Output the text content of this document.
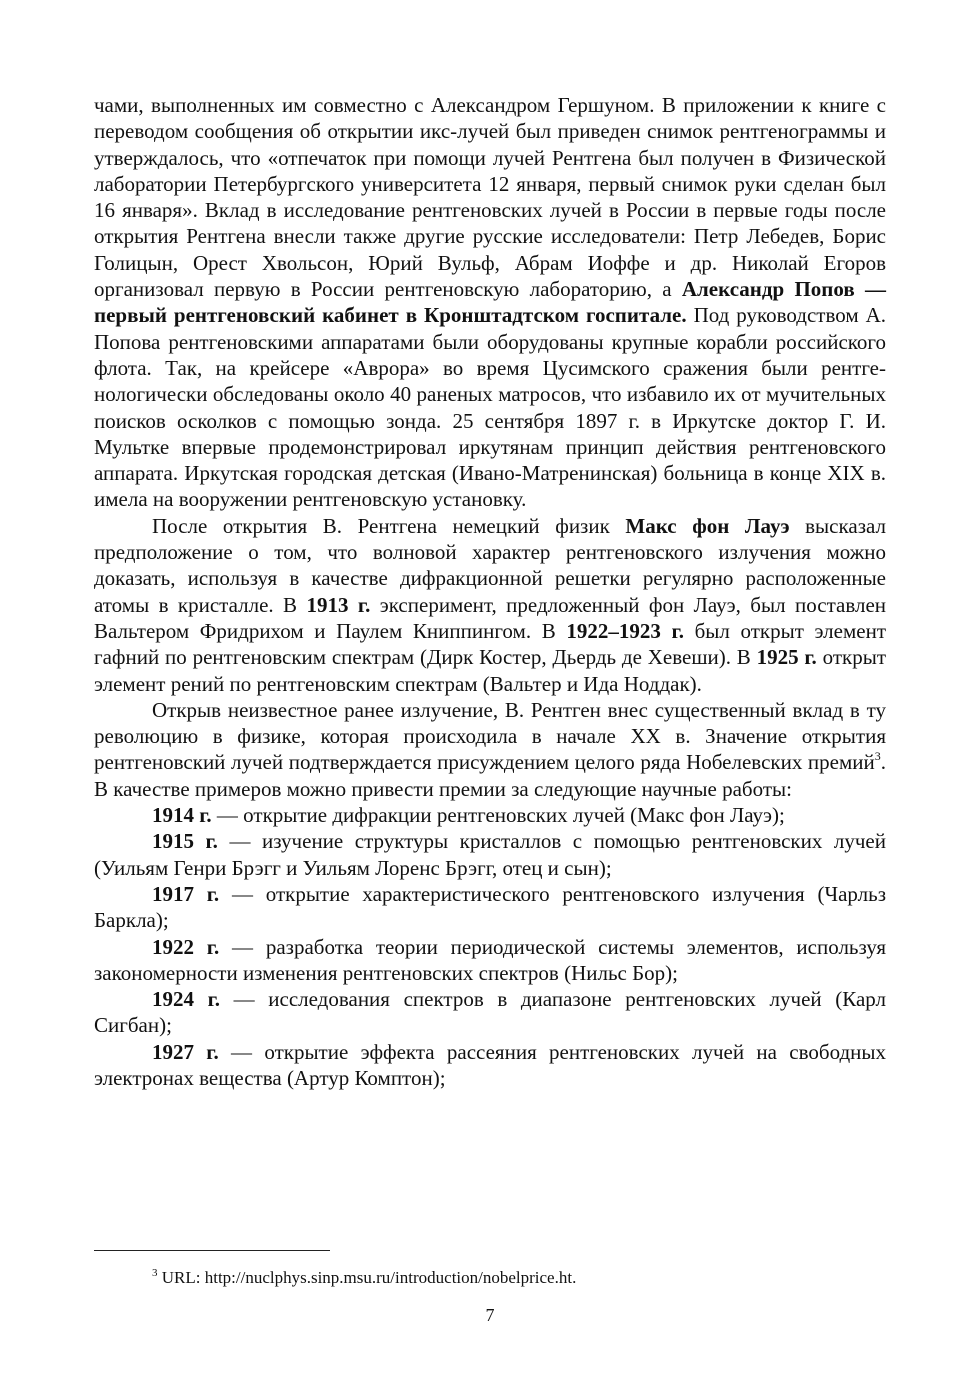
чами, выполненных им совместно с Александром Гершуном. В приложении к книге с переводом сообщения об открытии икс-лучей был приведен снимок рентгенограммы и утверждалось, что «отпечаток при помощи лучей Рентгена был получен в Физической лаборатории Петербургского университета 12 января, первый снимок руки сделан был 16 января». Вклад в исследование рентгеновских лучей в России в первые годы после открытия Рентгена внесли также другие русские исследователи: Петр Лебедев, Борис Голицын, Орест Хвольсон, Юрий Вульф, Абрам Иоффе и др. Николай Егоров организовал первую в России рентгеновскую лабораторию, а Александр Попов — первый рентгеновский кабинет в Кронштадтском госпитале. Под руководством А. Попова рентгеновскими аппаратами были оборудованы крупные корабли российского флота. Так, на крейсере «Аврора» во время Цусимского сражения были рентгенологически обследованы около 40 раненых матросов, что избавило их от мучительных поисков осколков с помощью зонда. 25 сентября 1897 г. в Иркутске доктор Г. И. Мультке впервые продемонстрировал иркутянам принцип действия рентгеновского аппарата. Иркутская городская детская (Ивано-Матренинская) больница в конце XIX в. имела на вооружении рентгеновскую установку.

После открытия В. Рентгена немецкий физик Макс фон Лауэ высказал предположение о том, что волновой характер рентгеновского излучения можно доказать, используя в качестве дифракционной решетки регулярно расположенные атомы в кристалле. В 1913 г. эксперимент, предложенный фон Лауэ, был поставлен Вальтером Фридрихом и Паулем Книппингом. В 1922–1923 г. был открыт элемент гафний по рентгеновским спектрам (Дирк Костер, Дьердь де Хевеши). В 1925 г. открыт элемент рений по рентгеновским спектрам (Вальтер и Ида Ноддак).

Открыв неизвестное ранее излучение, В. Рентген внес существенный вклад в ту революцию в физике, которая происходила в начале XX в. Значение открытия рентгеновский лучей подтверждается присуждением целого ряда Нобелевских премий$^3$. В качестве примеров можно привести премии за следующие научные работы:

1914 г. — открытие дифракции рентгеновских лучей (Макс фон Лауэ);

1915 г. — изучение структуры кристаллов с помощью рентгеновских лучей (Уильям Генри Брэгг и Уильям Лоренс Брэгг, отец и сын);

1917 г. — открытие характеристического рентгеновского излучения (Чарльз Баркла);

1922 г. — разработка теории периодической системы элементов, используя закономерности изменения рентгеновских спектров (Нильс Бор);

1924 г. — исследования спектров в диапазоне рентгеновских лучей (Карл Сигбан);

1927 г. — открытие эффекта рассеяния рентгеновских лучей на свободных электронах вещества (Артур Комптон);

$^3$ URL: http://nuclphys.sinp.msu.ru/introduction/nobelprice.ht.
7
